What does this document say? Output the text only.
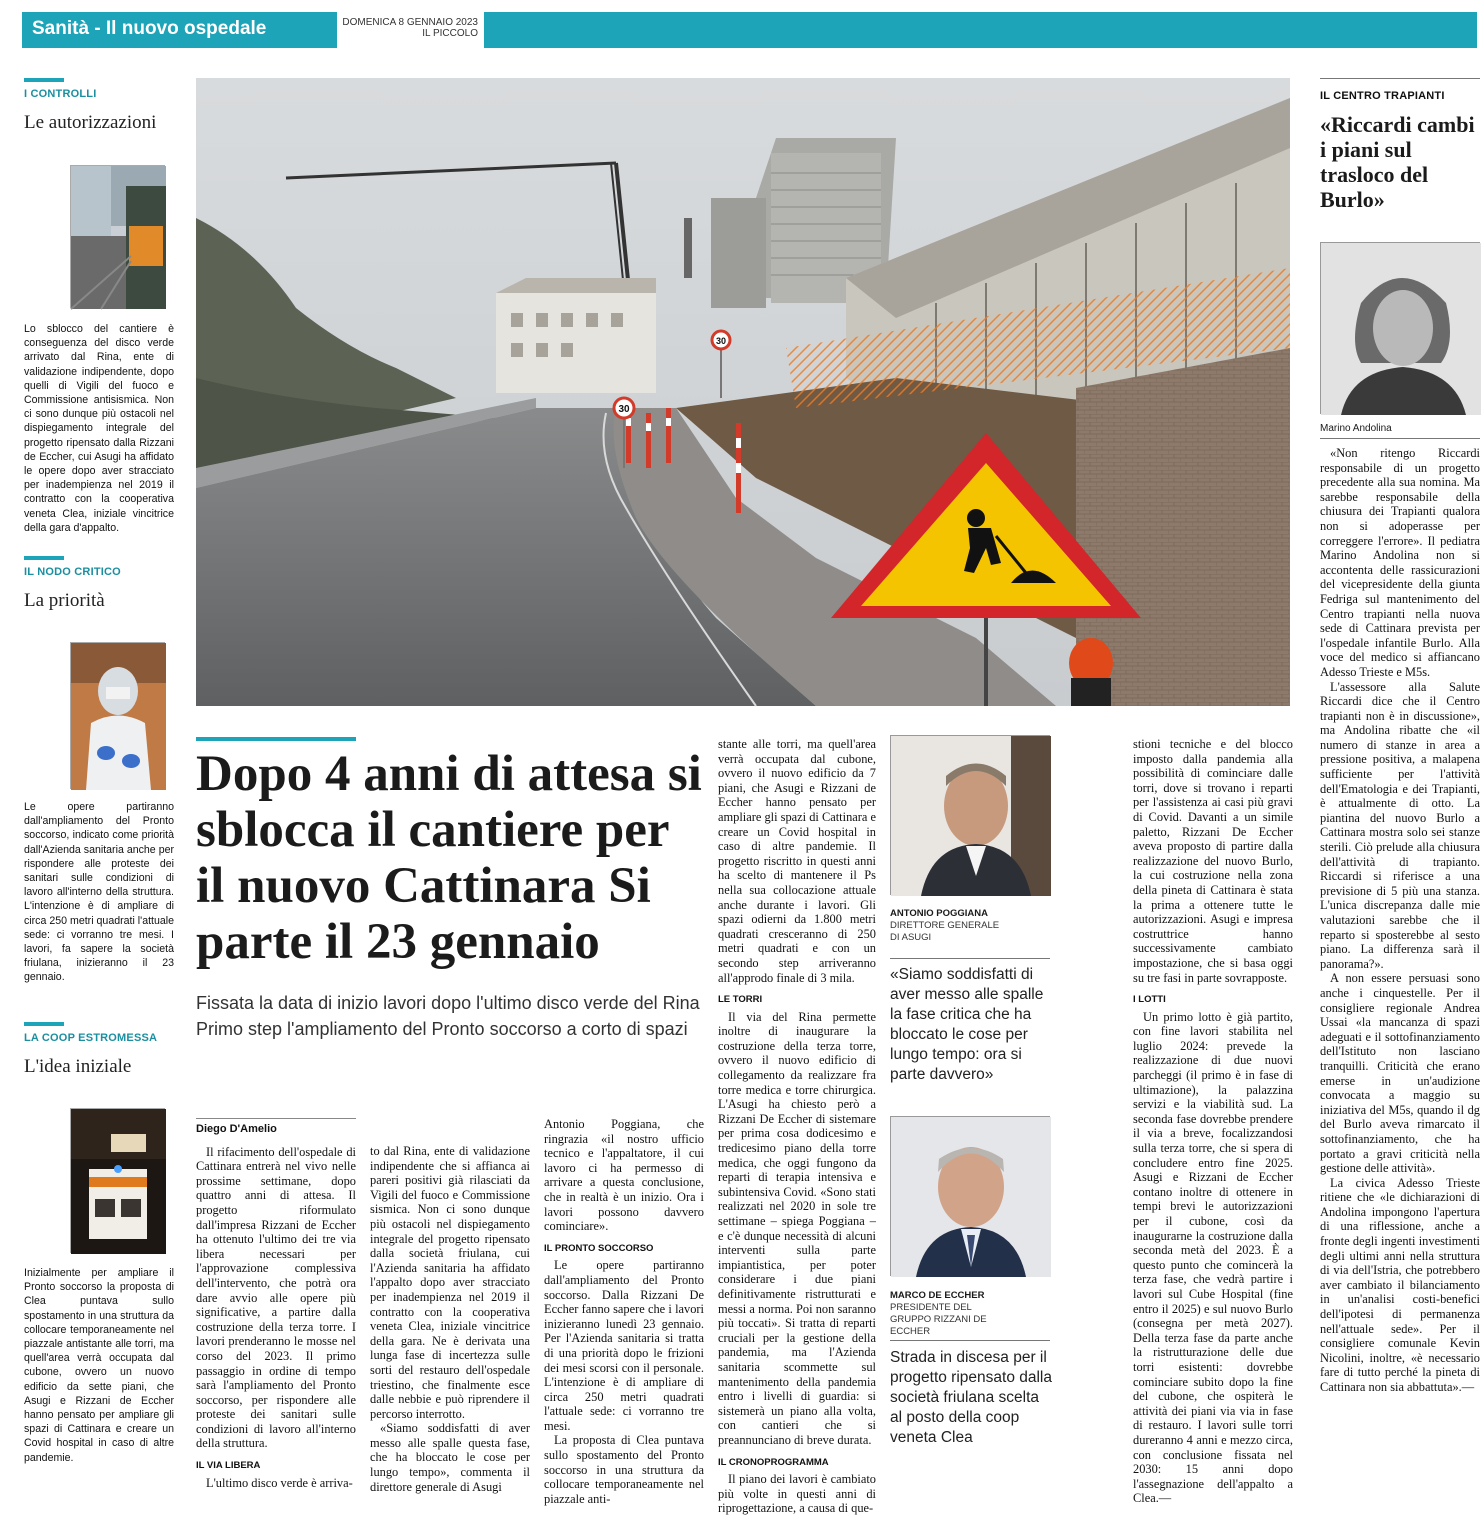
Sanità - Il nuovo ospedale	DOMENICA 8 GENNAIO 2023
IL PICCOLO
I CONTROLLI
Le autorizzazioni
Lo sblocco del cantiere è conseguenza del disco verde arrivato dal Rina, ente di validazione indipendente, dopo quelli di Vigili del fuoco e Commissione antisismica. Non ci sono dunque più ostacoli nel dispiegamento integrale del progetto ripensato dalla Rizzani de Eccher, cui Asugi ha affidato le opere dopo aver stracciato per inadempienza nel 2019 il contratto con la cooperativa veneta Clea, iniziale vincitrice della gara d'appalto.
IL NODO CRITICO
La priorità
Le opere partiranno dall'ampliamento del Pronto soccorso, indicato come priorità dall'Azienda sanitaria anche per rispondere alle proteste dei sanitari sulle condizioni di lavoro all'interno della struttura. L'intenzione è di ampliare di circa 250 metri quadrati l'attuale sede: ci vorranno tre mesi. I lavori, fa sapere la società friulana, inizieranno il 23 gennaio.
LA COOP ESTROMESSA
L'idea iniziale
Inizialmente per ampliare il Pronto soccorso la proposta di Clea puntava sullo spostamento in una struttura da collocare temporaneamente nel piazzale antistante alle torri, ma quell'area verrà occupata dal cubone, ovvero un nuovo edificio da sette piani, che Asugi e Rizzani de Eccher hanno pensato per ampliare gli spazi di Cattinara e creare un Covid hospital in caso di altre pandemie.
30
30
Dopo 4 anni di attesa si sblocca il cantiere per il nuovo Cattinara Si parte il 23 gennaio

Fissata la data di inizio lavori dopo l'ultimo disco verde del Rina Primo step l'ampliamento del Pronto soccorso a corto di spazi

Diego D'Amelio
Il rifacimento dell'ospedale di Cattinara entrerà nel vivo nelle prossime settimane, dopo quattro anni di attesa. Il progetto riformulato dall'impresa Rizzani de Eccher ha ottenuto l'ultimo dei tre via libera necessari per l'approvazione complessiva dell'intervento, che potrà ora dare avvio alle opere più significative, a partire dalla costruzione della terza torre. I lavori prenderanno le mosse nel corso del 2023. Il primo passaggio in ordine di tempo sarà l'ampliamento del Pronto soccorso, per rispondere alle proteste dei sanitari sulle condizioni di lavoro all'interno della struttura.
IL VIA LIBERA
L'ultimo disco verde è arriva-
to dal Rina, ente di validazione indipendente che si affianca ai pareri positivi già rilasciati da Vigili del fuoco e Commissione sismica. Non ci sono dunque più ostacoli nel dispiegamento integrale del progetto ripensato dalla società friulana, cui l'Azienda sanitaria ha affidato l'appalto dopo aver stracciato per inadempienza nel 2019 il contratto con la cooperativa veneta Clea, iniziale vincitrice della gara. Ne è derivata una lunga fase di incertezza sulle sorti del restauro dell'ospedale triestino, che finalmente esce dalle nebbie e può riprendere il percorso interrotto.
«Siamo soddisfatti di aver messo alle spalle questa fase, che ha bloccato le cose per lungo tempo», commenta il direttore generale di Asugi
Antonio Poggiana, che ringrazia «il nostro ufficio tecnico e l'appaltatore, il cui lavoro ci ha permesso di arrivare a questa conclusione, che in realtà è un inizio. Ora i lavori possono davvero cominciare».
IL PRONTO SOCCORSO
Le opere partiranno dall'ampliamento del Pronto soccorso. Dalla Rizzani De Eccher fanno sapere che i lavori inizieranno lunedì 23 gennaio. Per l'Azienda sanitaria si tratta di una priorità dopo le frizioni dei mesi scorsi con il personale. L'intenzione è di ampliare di circa 250 metri quadrati l'attuale sede: ci vorranno tre mesi.
La proposta di Clea puntava sullo spostamento del Pronto soccorso in una struttura da collocare temporaneamente nel piazzale anti-
stante alle torri, ma quell'area verrà occupata dal cubone, ovvero il nuovo edificio da 7 piani, che Asugi e Rizzani de Eccher hanno pensato per ampliare gli spazi di Cattinara e creare un Covid hospital in caso di altre pandemie. Il progetto riscritto in questi anni ha scelto di mantenere il Ps nella sua collocazione attuale anche durante i lavori. Gli spazi odierni da 1.800 metri quadrati cresceranno di 250 metri quadrati e con un secondo step arriveranno all'approdo finale di 3 mila.
LE TORRI
Il via del Rina permette inoltre di inaugurare la costruzione della terza torre, ovvero il nuovo edificio di collegamento da realizzare fra torre medica e torre chirurgica. L'Asugi ha chiesto però a Rizzani De Eccher di sistemare per prima cosa dodicesimo e tredicesimo piano della torre medica, che oggi fungono da reparti di terapia intensiva e subintensiva Covid. «Sono stati realizzati nel 2020 in sole tre settimane – spiega Poggiana – e c'è dunque necessità di alcuni interventi sulla parte impiantistica, per poter considerare i due piani definitivamente ristrutturati e messi a norma. Poi non saranno più toccati». Si tratta di reparti cruciali per la gestione della pandemia, ma l'Azienda sanitaria scommette sul mantenimento della pandemia entro i livelli di guardia: si sistemerà un piano alla volta, con cantieri che si preannunciano di breve durata.
IL CRONOPROGRAMMA
Il piano dei lavori è cambiato più volte in questi anni di riprogettazione, a causa di que-
ANTONIO POGGIANA
DIRETTORE GENERALE DI ASUGI
«Siamo soddisfatti di aver messo alle spalle la fase critica che ha bloccato le cose per lungo tempo: ora si parte davvero»
MARCO DE ECCHER
PRESIDENTE DEL GRUPPO RIZZANI DE ECCHER
Strada in discesa per il progetto ripensato dalla società friulana scelta al posto della coop veneta Clea
stioni tecniche e del blocco imposto dalla pandemia alla possibilità di cominciare dalle torri, dove si trovano i reparti per l'assistenza ai casi più gravi di Covid. Davanti a un simile paletto, Rizzani De Eccher aveva proposto di partire dalla realizzazione del nuovo Burlo, la cui costruzione nella zona della pineta di Cattinara è stata la prima a ottenere tutte le autorizzazioni. Asugi e impresa costruttrice hanno successivamente cambiato impostazione, che si basa oggi su tre fasi in parte sovrapposte.
I LOTTI
Un primo lotto è già partito, con fine lavori stabilita nel luglio 2024: prevede la realizzazione di due nuovi parcheggi (il primo è in fase di ultimazione), la palazzina servizi e la viabilità sud. La seconda fase dovrebbe prendere il via a breve, focalizzandosi sulla terza torre, che si spera di concludere entro fine 2025. Asugi e Rizzani de Eccher contano inoltre di ottenere in tempi brevi le autorizzazioni per il cubone, così da inaugurarne la costruzione dalla seconda metà del 2023. È a questo punto che comincerà la terza fase, che vedrà partire i lavori sul Cube Hospital (fine entro il 2025) e sul nuovo Burlo (consegna per metà 2027). Della terza fase da parte anche la ristrutturazione delle due torri esistenti: dovrebbe cominciare subito dopo la fine del cubone, che ospiterà le attività dei piani via via in fase di restauro. I lavori sulle torri dureranno 4 anni e mezzo circa, con conclusione fissata nel 2030: 15 anni dopo l'assegnazione dell'appalto a Clea.—
IL CENTRO TRAPIANTI
«Riccardi cambi i piani sul trasloco del Burlo»
Marino Andolina
«Non ritengo Riccardi responsabile di un progetto precedente alla sua nomina. Ma sarebbe responsabile della chiusura dei Trapianti qualora non si adoperasse per correggere l'errore». Il pediatra Marino Andolina non si accontenta delle rassicurazioni del vicepresidente della giunta Fedriga sul mantenimento del Centro trapianti nella nuova sede di Cattinara prevista per l'ospedale infantile Burlo. Alla voce del medico si affiancano Adesso Trieste e M5s.
L'assessore alla Salute Riccardi dice che il Centro trapianti non è in discussione», ma Andolina ribatte che «il numero di stanze in area a pressione positiva, a malapena sufficiente per l'attività dell'Ematologia e dei Trapianti, è attualmente di otto. La piantina del nuovo Burlo a Cattinara mostra solo sei stanze sterili. Ciò prelude alla chiusura dell'attività di trapianto. Riccardi si riferisce a una previsione di 5 più una stanza. L'unica discrepanza dalle mie valutazioni sarebbe che il reparto si sposterebbe al sesto piano. La differenza sarà il panorama?».
A non essere persuasi sono anche i cinquestelle. Per il consigliere regionale Andrea Ussai «la mancanza di spazi adeguati e il sottofinanziamento dell'Istituto non lasciano tranquilli. Criticità che erano emerse in un'audizione convocata a maggio su iniziativa del M5s, quando il dg del Burlo aveva rimarcato il sottofinanziamento, che ha portato a gravi criticità nella gestione delle attività».
La civica Adesso Trieste ritiene che «le dichiarazioni di Andolina impongono l'apertura di una riflessione, anche a fronte degli ingenti investimenti degli ultimi anni nella struttura di via dell'Istria, che potrebbero aver cambiato il bilanciamento in un'analisi costi-benefici dell'ipotesi di permanenza nell'attuale sede». Per il consigliere comunale Kevin Nicolini, inoltre, «è necessario fare di tutto perché la pineta di Cattinara non sia abbattuta».—
